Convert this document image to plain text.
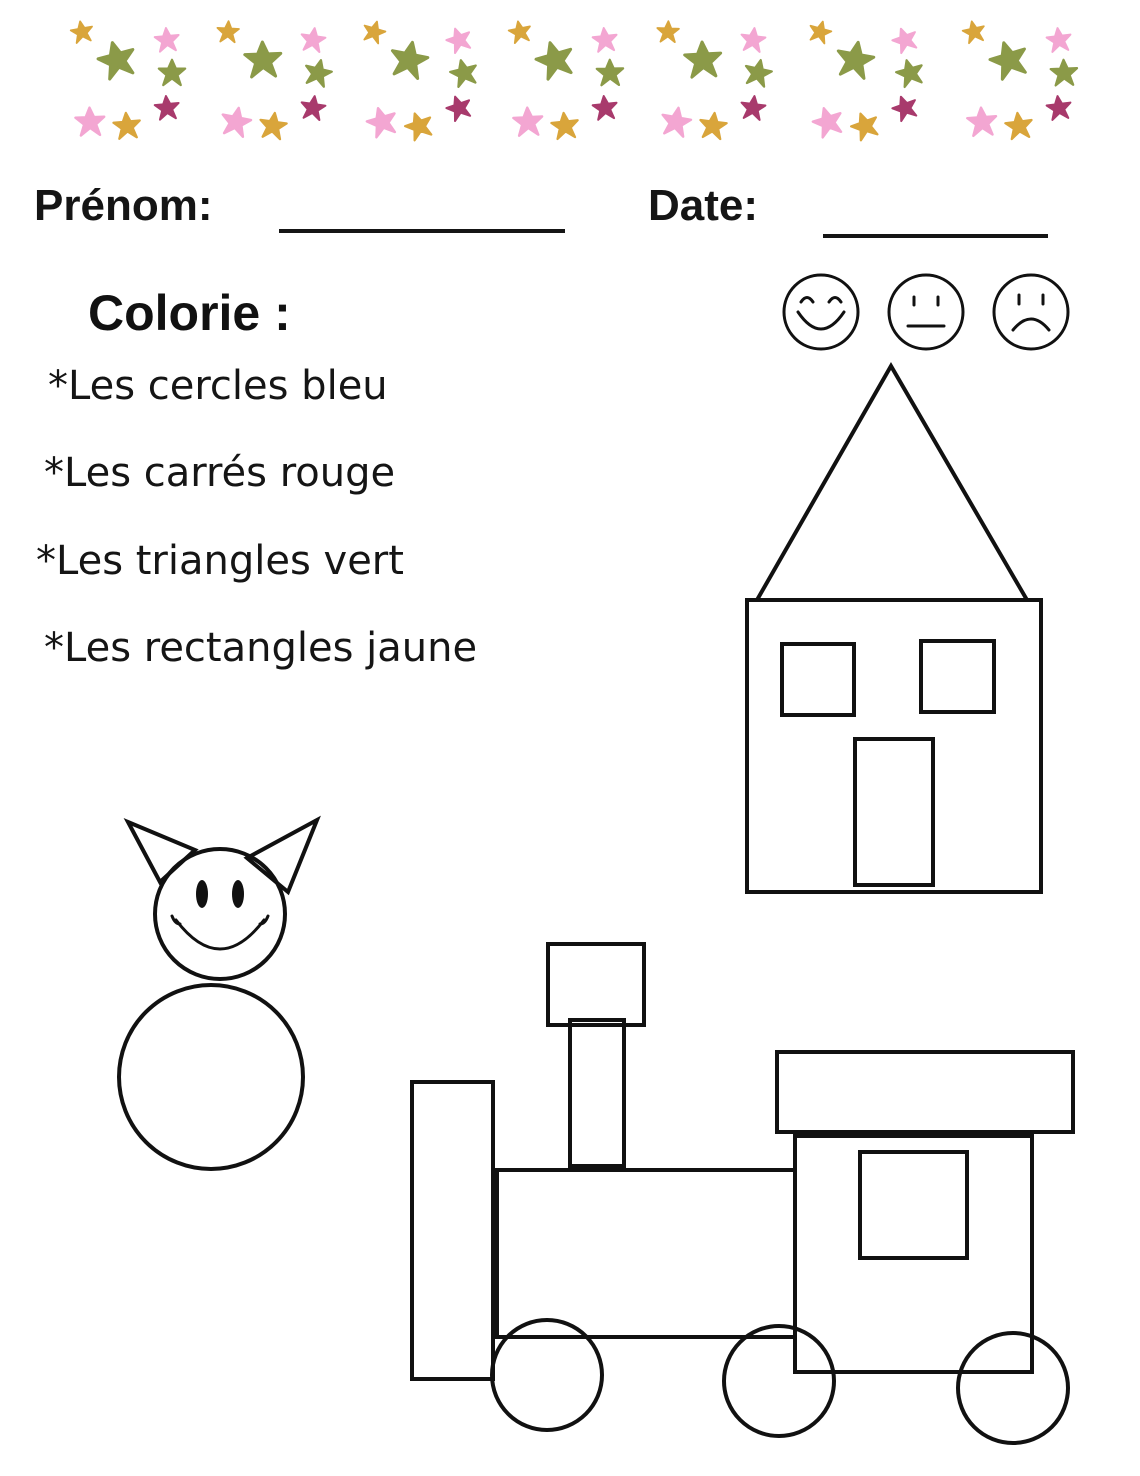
Prénom:	Date:
Colorie :
*Les cercles bleu
*Les carrés rouge
*Les triangles vert
*Les rectangles jaune
